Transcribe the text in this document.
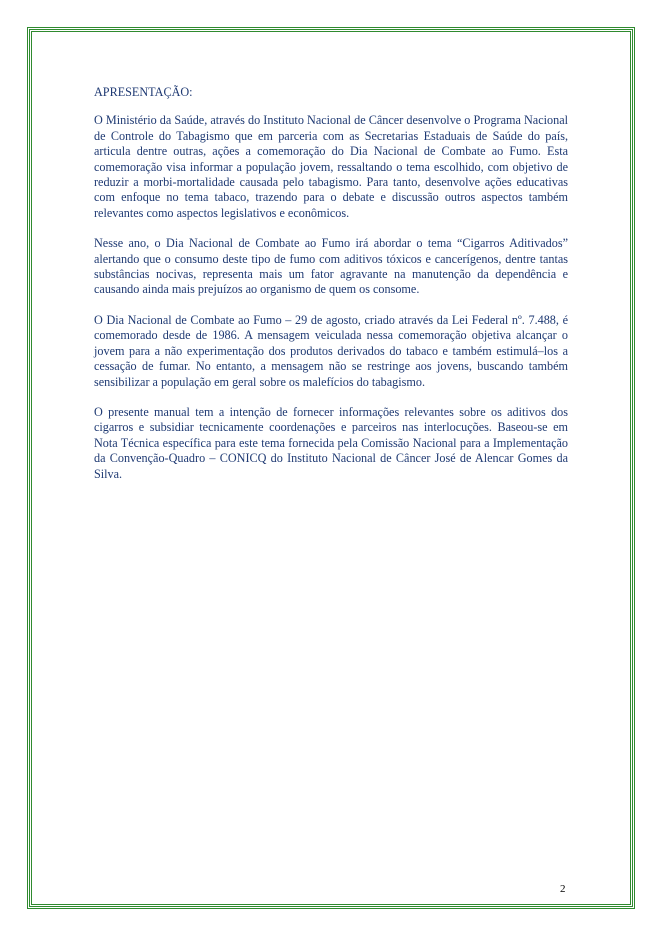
APRESENTAÇÃO:

O Ministério da Saúde, através do Instituto Nacional de Câncer desenvolve o Programa Nacional de Controle do Tabagismo que em parceria com as Secretarias Estaduais de Saúde do país, articula dentre outras, ações a comemoração do Dia Nacional de Combate ao Fumo. Esta comemoração visa informar a população jovem, ressaltando o tema escolhido, com objetivo de reduzir a morbi-mortalidade causada pelo tabagismo. Para tanto, desenvolve ações educativas com enfoque no tema tabaco, trazendo para o debate e discussão outros aspectos também relevantes como aspectos legislativos e econômicos.

Nesse ano, o Dia Nacional de Combate ao Fumo irá abordar o tema “Cigarros Aditivados” alertando que o consumo deste tipo de fumo com aditivos tóxicos e cancerígenos, dentre tantas substâncias nocivas, representa mais um fator agravante na manutenção da dependência e causando ainda mais prejuízos ao organismo de quem os consome.

O Dia Nacional de Combate ao Fumo – 29 de agosto, criado através da Lei Federal nº. 7.488, é comemorado desde de 1986. A mensagem veiculada nessa comemoração objetiva alcançar o jovem para a não experimentação dos produtos derivados do tabaco e também estimulá–los a cessação de fumar. No entanto, a mensagem não se restringe aos jovens, buscando também sensibilizar a população em geral sobre os malefícios do tabagismo.

O presente manual tem a intenção de fornecer informações relevantes sobre os aditivos dos cigarros e subsidiar tecnicamente coordenações e parceiros nas interlocuções. Baseou-se em Nota Técnica específica para este tema fornecida pela Comissão Nacional para a Implementação da Convenção-Quadro – CONICQ do Instituto Nacional de Câncer José de Alencar Gomes da Silva.

2
